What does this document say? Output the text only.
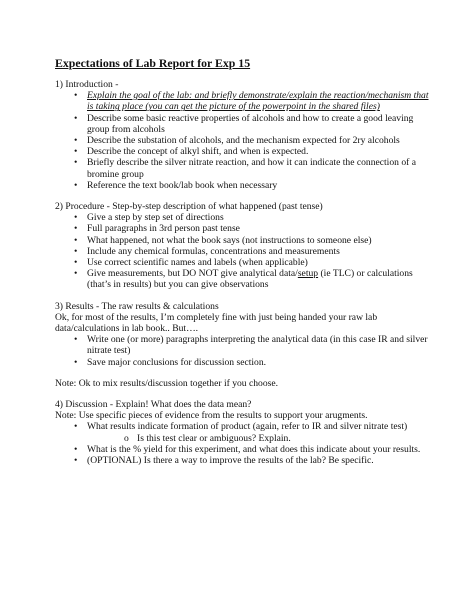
Expectations of Lab Report for Exp 15
1) Introduction -
• Explain the goal of the lab: and briefly demonstrate/explain the reaction/mechanism that is taking place (you can get the picture of the powerpoint in the shared files)
• Describe some basic reactive properties of alcohols and how to create a good leaving group from alcohols
• Describe the substation of alcohols, and the mechanism expected for 2ry alcohols
• Describe the concept of alkyl shift, and when is expected.
• Briefly describe the silver nitrate reaction, and how it can indicate the connection of a bromine group
• Reference the text book/lab book when necessary
2) Procedure - Step-by-step description of what happened (past tense)
• Give a step by step set of directions
• Full paragraphs in 3rd person past tense
• What happened, not what the book says (not instructions to someone else)
• Include any chemical formulas, concentrations and measurements
• Use correct scientific names and labels (when applicable)
• Give measurements, but DO NOT give analytical data/setup (ie TLC) or calculations (that’s in results) but you can give observations
3) Results - The raw results & calculations
Ok, for most of the results, I’m completely fine with just being handed your raw lab data/calculations in lab book.. But….
• Write one (or more) paragraphs interpreting the analytical data (in this case IR and silver nitrate test)
• Save major conclusions for discussion section.
Note: Ok to mix results/discussion together if you choose.
4) Discussion - Explain! What does the data mean?
Note: Use specific pieces of evidence from the results to support your arugments.
• What results indicate formation of product (again, refer to IR and silver nitrate test)
o Is this test clear or ambiguous? Explain.
• What is the % yield for this experiment, and what does this indicate about your results.
• (OPTIONAL) Is there a way to improve the results of the lab? Be specific.
